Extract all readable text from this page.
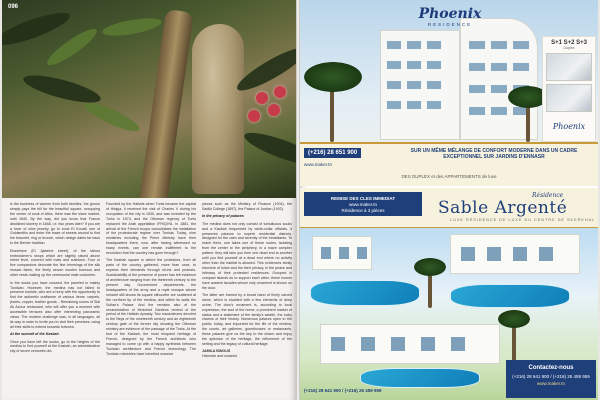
096

is the business of women from both families; the groom simply pays the bill for the beautiful square, occupying the center of souk el Attra, there was the slave market, until 1840. By the way, did you know that France abolished slavery in 1848, i.e. two years later? If you are a lover of olive jewelry, go to souk El Kouafi, one of Goldsmiths and enter the maze of streets around to find the bracelet, ring or brooch, which design dates far back to the Berber tradition.

Elsewhere (El Jjabeine street), of the tailors embroiderer's shops which are slightly raised above street level, covered with mats and cushions. Four or five companions decorate the fine trimmings of the silk mosaic fabric, the finely woven woolen burnous and other vests making up the ceremonial male costumes.

In the souks you have crossed, the paneled is mainly Tunisian. However, the medina has not failed to preserve tourists, who are a hurry with the opportunity to find the authentic craftsmen of various items: carpets, jewels, copper, leather goods... Remaining rooms of Sidi Ali Azouz restaurant, who will offer you a moment with accessible terraces also offer interesting panoramic views. The modern challenge was, in all languages, all its way in order to invite you to visit their premises, using all their skills to extend towards fortunes.

At the summit of the Kasbah

Once you have left the souks, go to the heights of the medina to find yourself at the Kasbah, an administrative city of seven centuries old.

Founded by the Hafsids when Tunis became the capital of Ifriqiya, it received the visit of Charles V during his occupation of the city in 1535, and was invested by the Turks in 1574, and the Ottoman regency of Tunis replaced the Arab appellation IFRIQIYA. In 1881, the arrival of the French troops consolidates the installation of the protectorate regime over Tunisia. Today, nine ministries including the Prime Ministry have their headquarters there, now, after having witnessed so many events, can one remain indifferent to the revolution that the country has gone through?

The Kasbah square is where the protestors, from all parts of the country gathered, more than once, to express their demands through sit-ins and protests. Sustainability of the presence of power has left evidence of architecture ranging from the thirteenth century to the present day. Government departments, the headquarters of the army and a royal mosque whose minaret still shows its square silhouette are scattered at the northern tip of the medina, and within its walls the Sultan's Palace. And the remains also of the ornamentation of Mmiched Gardens remind of the period of the Hafsids dynasty. Two mausoleums devoted to the Beys of the nineteenth century and an eighteenth century gate of the former city showing the Ottoman ministry are evidence of the passage of the Turks. At the foot of the Kasbah, the most eloquent heritage of French, designed by the French architects who managed to come up with a happy synthesis between Tunisian architecture and French technology. The Tunisian ministries have inherited massive

pieces such as the Ministry of Finance (1904), the Sadiki College (1897), the Palace of Justice (1902).

In the privacy of palaces

The medina does not only consist of tumultuous souks and a Kasbah frequented by white-collar officials, it preserves palaces to superb residential districts, designed for the calm and serenity of the inhabitants. To reach them, one takes one of these routes, isolating from the center to the periphery, in a maze complex pattern: they will take you from one dead end to another until you find yourself at a dead end where no activity other than the habitat is allowed. This evidences family structure of Islam and the their privacy, in the peace and intimacy of their protected residences. Grouped in compact islands as to support each other, these homes have austere facades whose only ornament is shown on the door.

The latter are framed by a broad band of finely carved stone, which is studded with a few elements of deep ochre. The door's ornament is, according to local expression, the soul of the home, a prominent marker of status and a statement of the family's wealth, the lucky charms of their history. Numerous palaces open to the public, today, and important for the life of the medina, the courts, art galleries, guesthouses or restaurants, these palaces give us the key to the charm and enjoy the splendor of the heritage, the refinement of the setting and the legacy of cultural heritage.

JAMILA BINOUS

Historian and urbanist

Phoenix
RESIDENCE
S+1 S+2 S+3
Duplex
Phoenix
(+216) 28 651 900	SUR UN MÊME MÉLANGE DE CONFORT MODERNE DANS UN CADRE EXCEPTIONNEL SUR JARDINS D'ENNASR
www.maker.tn
DES DUPLEX et des APPARTEMENTS de luxe
REMISE DES CLES IMMEDIAT
www.maker.tn
Résidence à 3 pièces
Résidence
Sable Argenté
LUXE RÉSIDENCE DE LUXE DU CENTRE DE SKERKHAL
(+216) 28 641 900 / (+216) 26 459 959
Contactez-nous
(+216) 28 641 900 / (+216) 26 459 959
www.maker.tn
